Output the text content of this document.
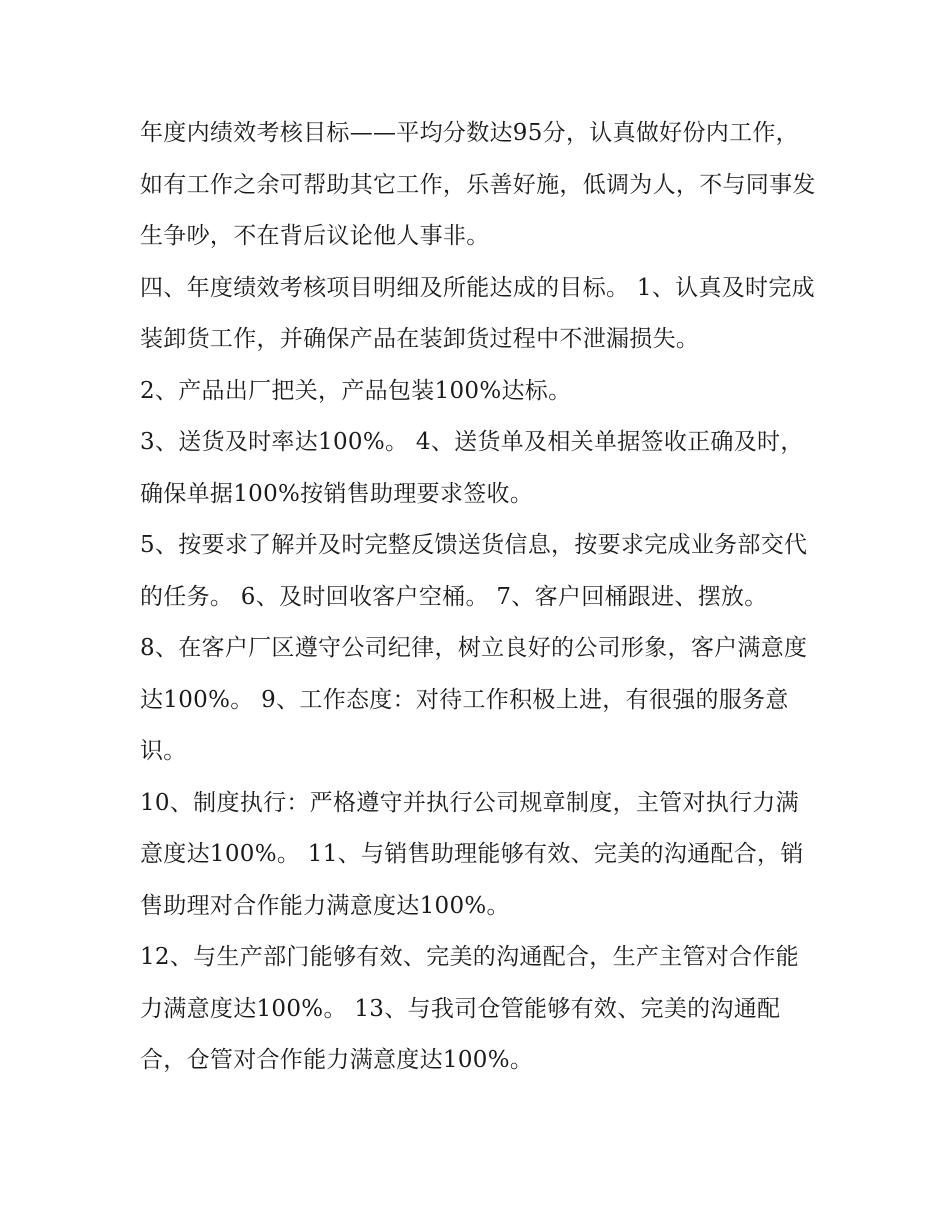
年度内绩效考核目标——平均分数达95分，认真做好份内工作，如有工作之余可帮助其它工作，乐善好施，低调为人，不与同事发生争吵，不在背后议论他人事非。

四、年度绩效考核项目明细及所能达成的目标。 1、认真及时完成装卸货工作，并确保产品在装卸货过程中不泄漏损失。

2、产品出厂把关，产品包装100%达标。

3、送货及时率达100%。 4、送货单及相关单据签收正确及时，确保单据100%按销售助理要求签收。

5、按要求了解并及时完整反馈送货信息，按要求完成业务部交代的任务。 6、及时回收客户空桶。 7、客户回桶跟进、摆放。

8、在客户厂区遵守公司纪律，树立良好的公司形象，客户满意度达100%。 9、工作态度：对待工作积极上进，有很强的服务意识。

10、制度执行：严格遵守并执行公司规章制度，主管对执行力满意度达100%。 11、与销售助理能够有效、完美的沟通配合，销售助理对合作能力满意度达100%。

12、与生产部门能够有效、完美的沟通配合，生产主管对合作能力满意度达100%。 13、与我司仓管能够有效、完美的沟通配合，仓管对合作能力满意度达100%。
